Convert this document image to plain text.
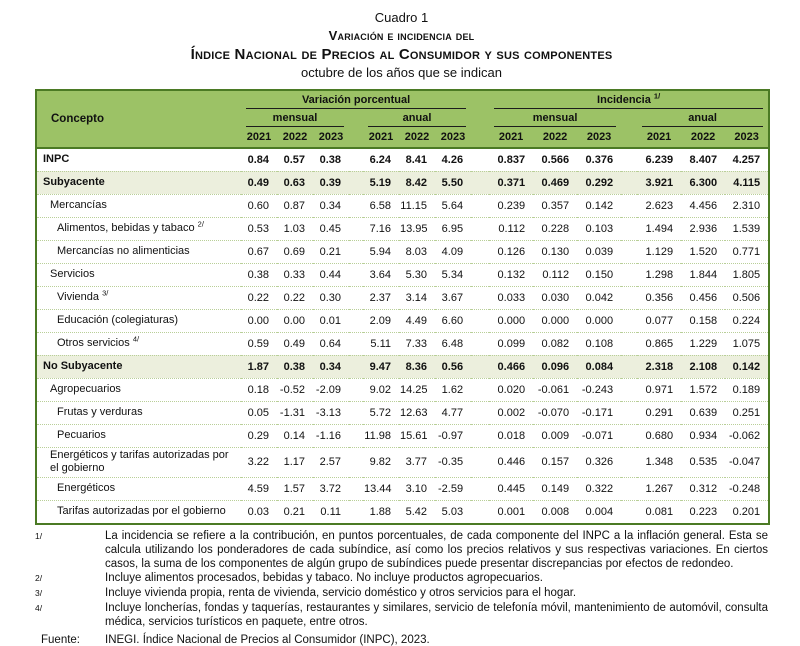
Cuadro 1
Variación e incidencia del
Índice Nacional de Precios al Consumidor y sus componentes
octubre de los años que se indican
Concepto	Variación porcentual								Incidencia $^{1/}$

	mensual				anual				mensual				anual		

	2021	2022	2023		2021	2022	2023		2021	2022	2023		2021	2022	2023

INPC	0.84	0.57	0.38		6.24	8.41	4.26		0.837	0.566	0.376		6.239	8.407	4.257
Subyacente	0.49	0.63	0.39		5.19	8.42	5.50		0.371	0.469	0.292		3.921	6.300	4.115
Mercancías	0.60	0.87	0.34		6.58	11.15	5.64		0.239	0.357	0.142		2.623	4.456	2.310
Alimentos, bebidas y tabaco $^{2/}$	0.53	1.03	0.45		7.16	13.95	6.95		0.112	0.228	0.103		1.494	2.936	1.539
Mercancías no alimenticias	0.67	0.69	0.21		5.94	8.03	4.09		0.126	0.130	0.039		1.129	1.520	0.771
Servicios	0.38	0.33	0.44		3.64	5.30	5.34		0.132	0.112	0.150		1.298	1.844	1.805
Vivienda $^{3/}$	0.22	0.22	0.30		2.37	3.14	3.67		0.033	0.030	0.042		0.356	0.456	0.506
Educación (colegiaturas)	0.00	0.00	0.01		2.09	4.49	6.60		0.000	0.000	0.000		0.077	0.158	0.224
Otros servicios $^{4/}$	0.59	0.49	0.64		5.11	7.33	6.48		0.099	0.082	0.108		0.865	1.229	1.075
No Subyacente	1.87	0.38	0.34		9.47	8.36	0.56		0.466	0.096	0.084		2.318	2.108	0.142
Agropecuarios	0.18	-0.52	-2.09		9.02	14.25	1.62		0.020	-0.061	-0.243		0.971	1.572	0.189
Frutas y verduras	0.05	-1.31	-3.13		5.72	12.63	4.77		0.002	-0.070	-0.171		0.291	0.639	0.251
Pecuarios	0.29	0.14	-1.16		11.98	15.61	-0.97		0.018	0.009	-0.071		0.680	0.934	-0.062
Energéticos y tarifas autorizadas por el gobierno	3.22	1.17	2.57		9.82	3.77	-0.35		0.446	0.157	0.326		1.348	0.535	-0.047
Energéticos	4.59	1.57	3.72		13.44	3.10	-2.59		0.445	0.149	0.322		1.267	0.312	-0.248
Tarifas autorizadas por el gobierno	0.03	0.21	0.11		1.88	5.42	5.03		0.001	0.008	0.004		0.081	0.223	0.201
1/	La incidencia se refiere a la contribución, en puntos porcentuales, de cada componente del INPC a la inflación general. Esta se calcula utilizando los ponderadores de cada subíndice, así como los precios relativos y sus respectivas variaciones. En ciertos casos, la suma de los componentes de algún grupo de subíndices puede presentar discrepancias por efectos de redondeo.
2/	Incluye alimentos procesados, bebidas y tabaco. No incluye productos agropecuarios.
3/	Incluye vivienda propia, renta de vivienda, servicio doméstico y otros servicios para el hogar.
4/	Incluye loncherías, fondas y taquerías, restaurantes y similares, servicio de telefonía móvil, mantenimiento de automóvil, consulta médica, servicios turísticos en paquete, entre otros.
Fuente:	INEGI. Índice Nacional de Precios al Consumidor (INPC), 2023.
